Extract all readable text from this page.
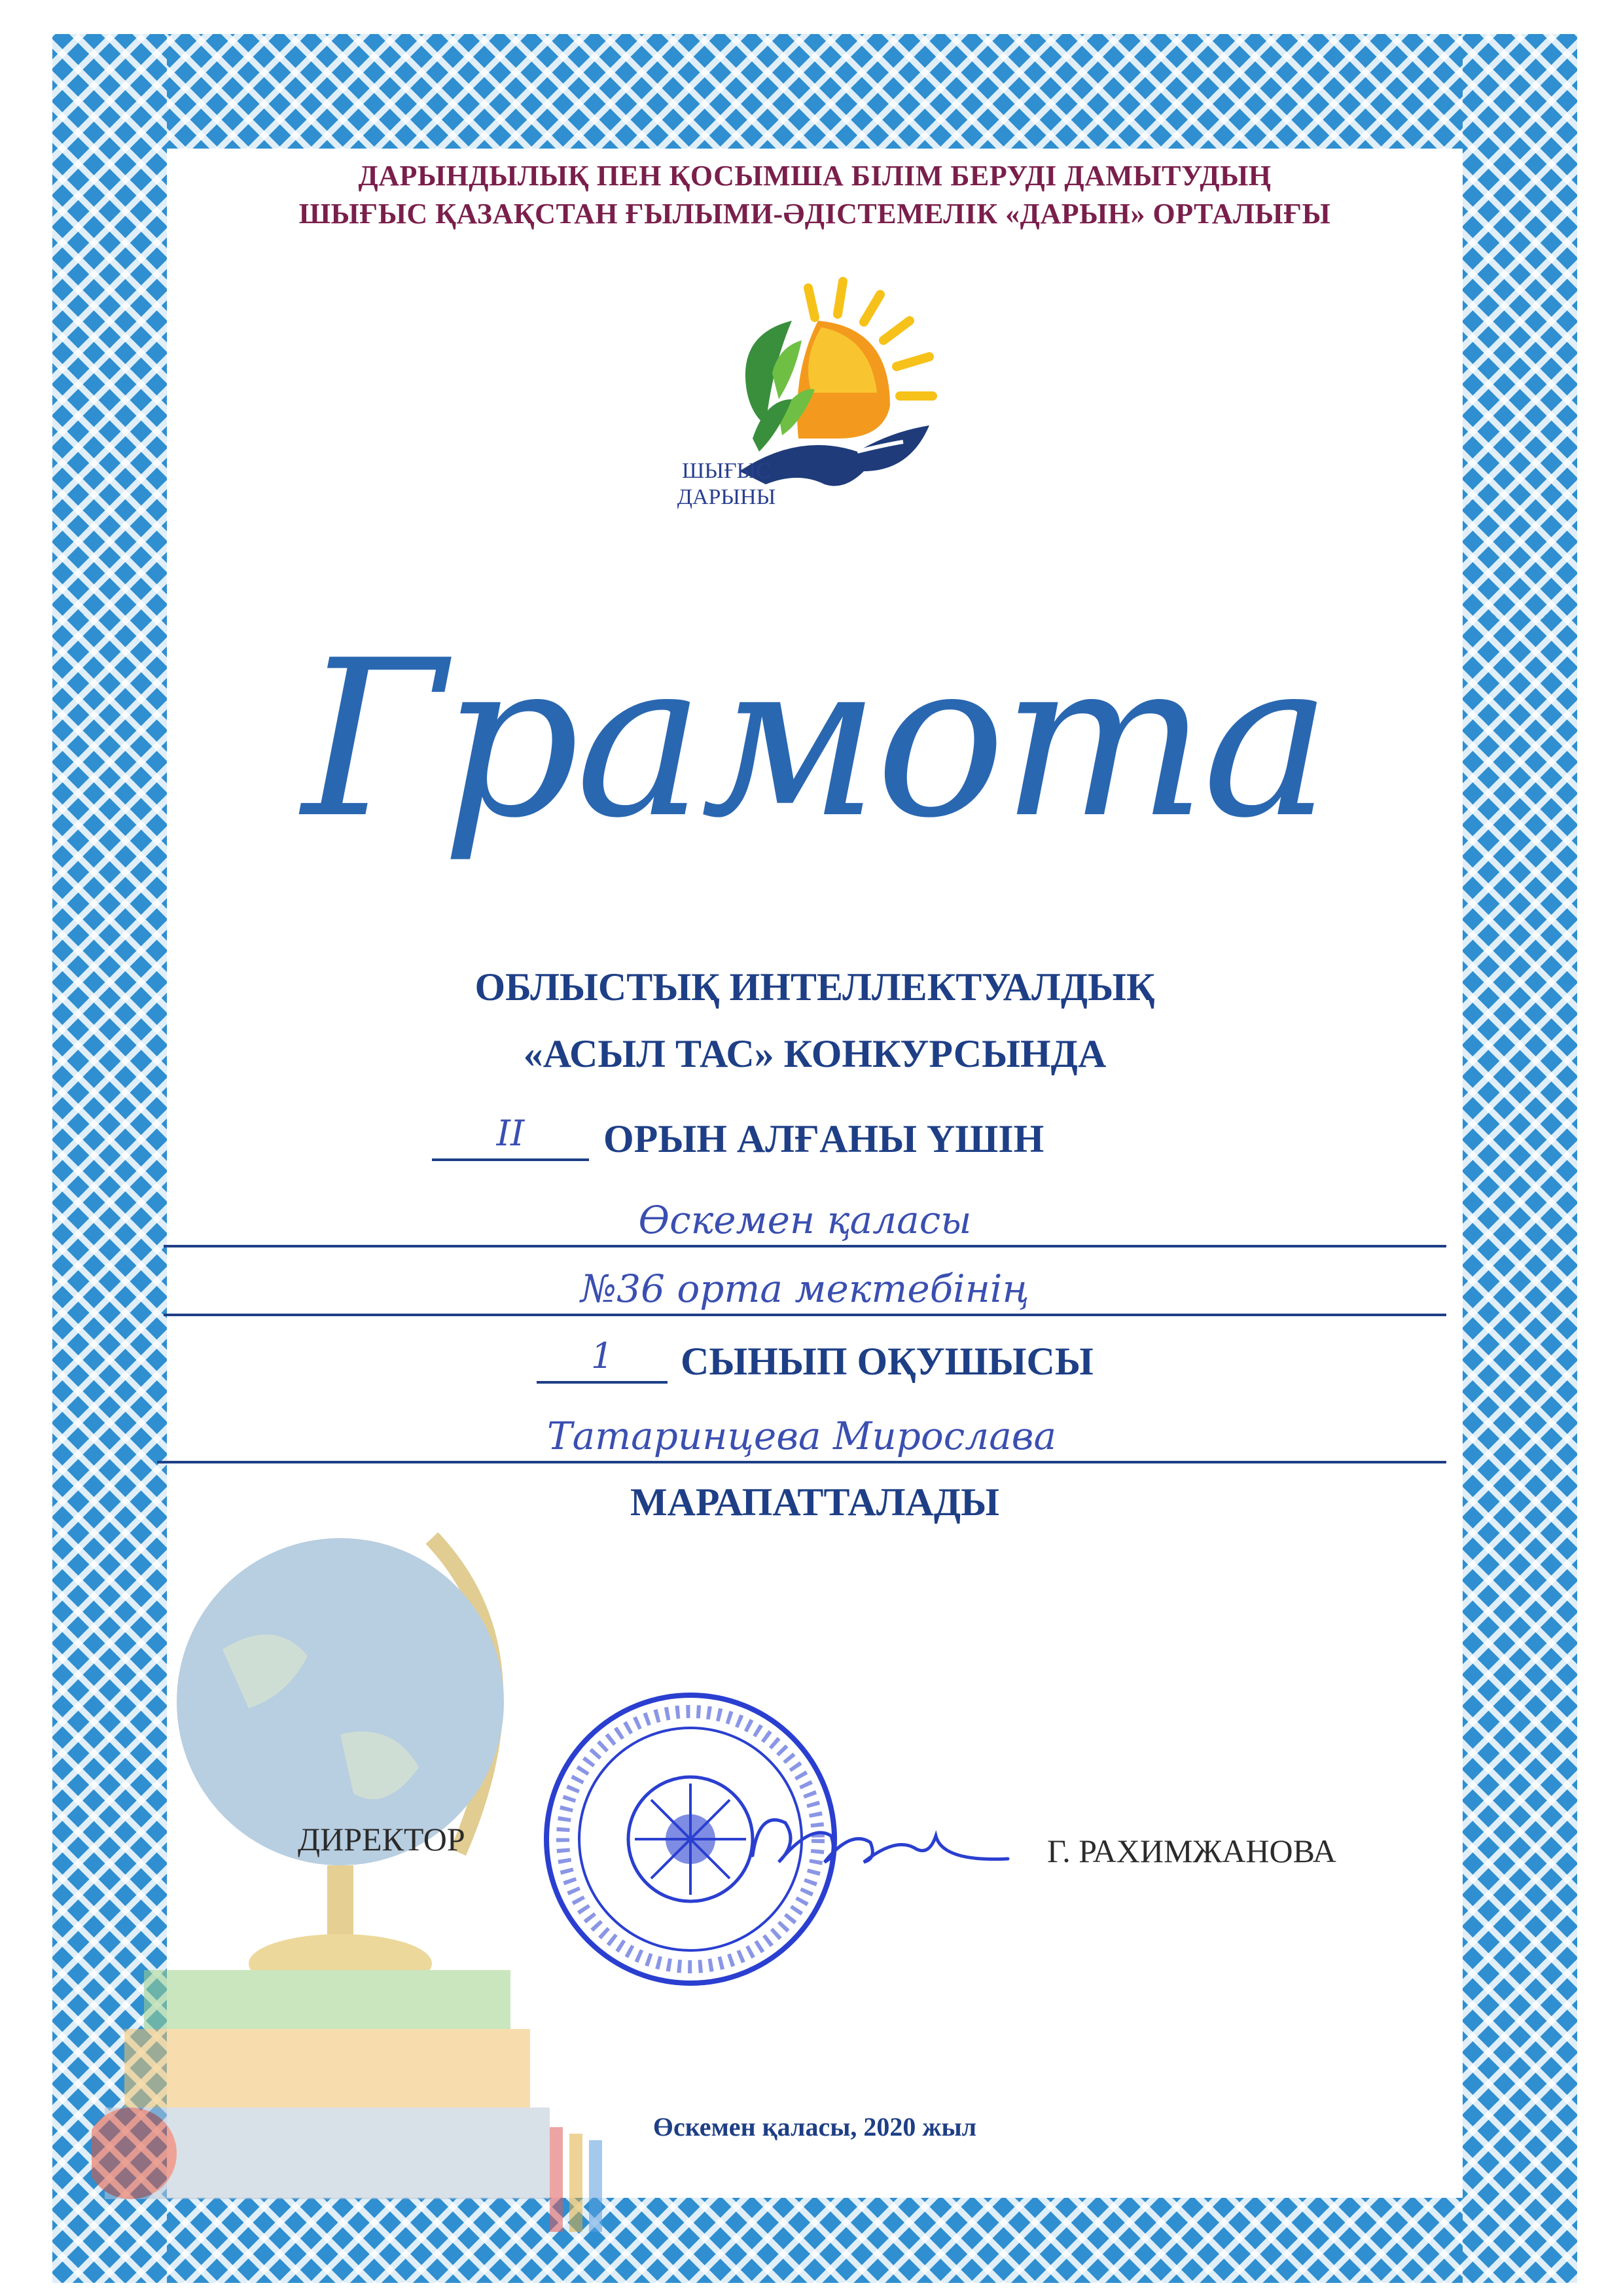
ДАРЫНДЫЛЫҚ ПЕН ҚОСЫМША БІЛІМ БЕРУДІ ДАМЫТУДЫҢ
ШЫҒЫС ҚАЗАҚСТАН ҒЫЛЫМИ-ӘДІСТЕМЕЛІК «ДАРЫН» ОРТАЛЫҒЫ
ШЫҒЫС
ДАРЫНЫ
Грамота
ОБЛЫСТЫҚ ИНТЕЛЛЕКТУАЛДЫҚ
«АСЫЛ ТАС» КОНКУРСЫНДА
II	ОРЫН АЛҒАНЫ ҮШІН
Өскемен қаласы
№36 орта мектебінің
1	СЫНЫП ОҚУШЫСЫ
Татаринцева Мирослава
МАРАПАТТАЛАДЫ
ДИРЕКТОР	Г. РАХИМЖАНОВА
Өскемен қаласы, 2020 жыл
